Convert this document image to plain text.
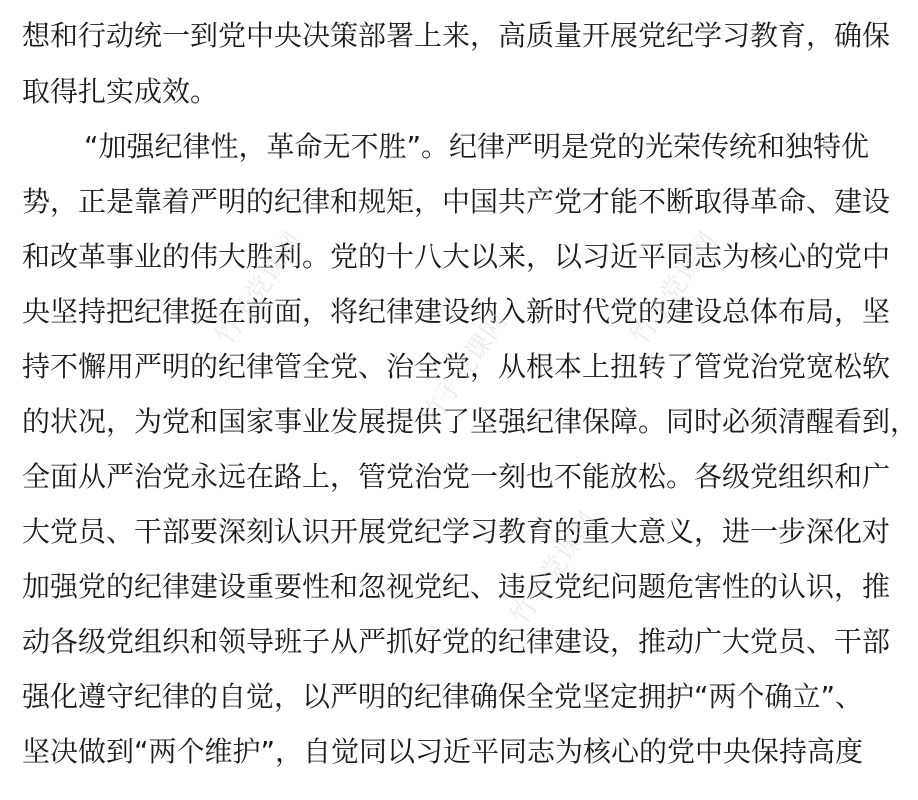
想和行动统一到党中央决策部署上来，高质量开展党纪学习教育，确保
取得扎实成效。
“加强纪律性，革命无不胜”。纪律严明是党的光荣传统和独特优
势，正是靠着严明的纪律和规矩，中国共产党才能不断取得革命、建设
和改革事业的伟大胜利。党的十八大以来，以习近平同志为核心的党中
央坚持把纪律挺在前面，将纪律建设纳入新时代党的建设总体布局，坚
持不懈用严明的纪律管全党、治全党，从根本上扭转了管党治党宽松软
的状况，为党和国家事业发展提供了坚强纪律保障。同时必须清醒看到，
全面从严治党永远在路上，管党治党一刻也不能放松。各级党组织和广
大党员、干部要深刻认识开展党纪学习教育的重大意义，进一步深化对
加强党的纪律建设重要性和忽视党纪、违反党纪问题危害性的认识，推
动各级党组织和领导班子从严抓好党的纪律建设，推动广大党员、干部
强化遵守纪律的自觉，以严明的纪律确保全党坚定拥护“两个确立”、
坚决做到“两个维护”，自觉同以习近平同志为核心的党中央保持高度
竹子党课网
竹子党课网
竹子党课网
竹子党课网
